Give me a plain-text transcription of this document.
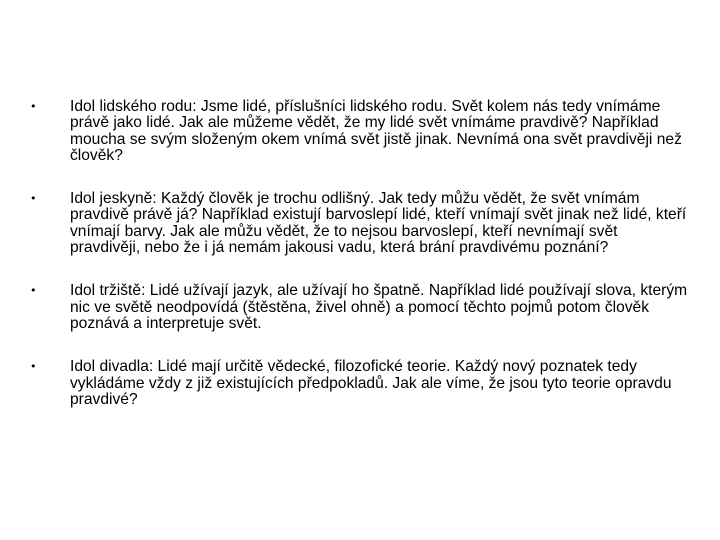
•	Idol lidského rodu: Jsme lidé, příslušníci lidského rodu. Svět kolem nás tedy vnímáme právě jako lidé. Jak ale můžeme vědět, že my lidé svět vnímáme pravdivě? Například moucha se svým složeným okem vnímá svět jistě jinak. Nevnímá ona svět pravdivěji než člověk?
•	Idol jeskyně: Každý člověk je trochu odlišný. Jak tedy můžu vědět, že svět vnímám pravdivě právě já? Například existují barvoslepí lidé, kteří vnímají svět jinak než lidé, kteří vnímají barvy. Jak ale můžu vědět, že to nejsou barvoslepí, kteří nevnímají svět pravdivěji, nebo že i já nemám jakousi vadu, která brání pravdivému poznání?
•	Idol tržiště: Lidé užívají jazyk, ale užívají ho špatně. Například lidé používají slova, kterým nic ve světě neodpovídá (štěstěna, živel ohně) a pomocí těchto pojmů potom člověk poznává a interpretuje svět.
•	Idol divadla: Lidé mají určitě vědecké, filozofické teorie. Každý nový poznatek tedy vykládáme vždy z již existujících předpokladů. Jak ale víme, že jsou tyto teorie opravdu pravdivé?
